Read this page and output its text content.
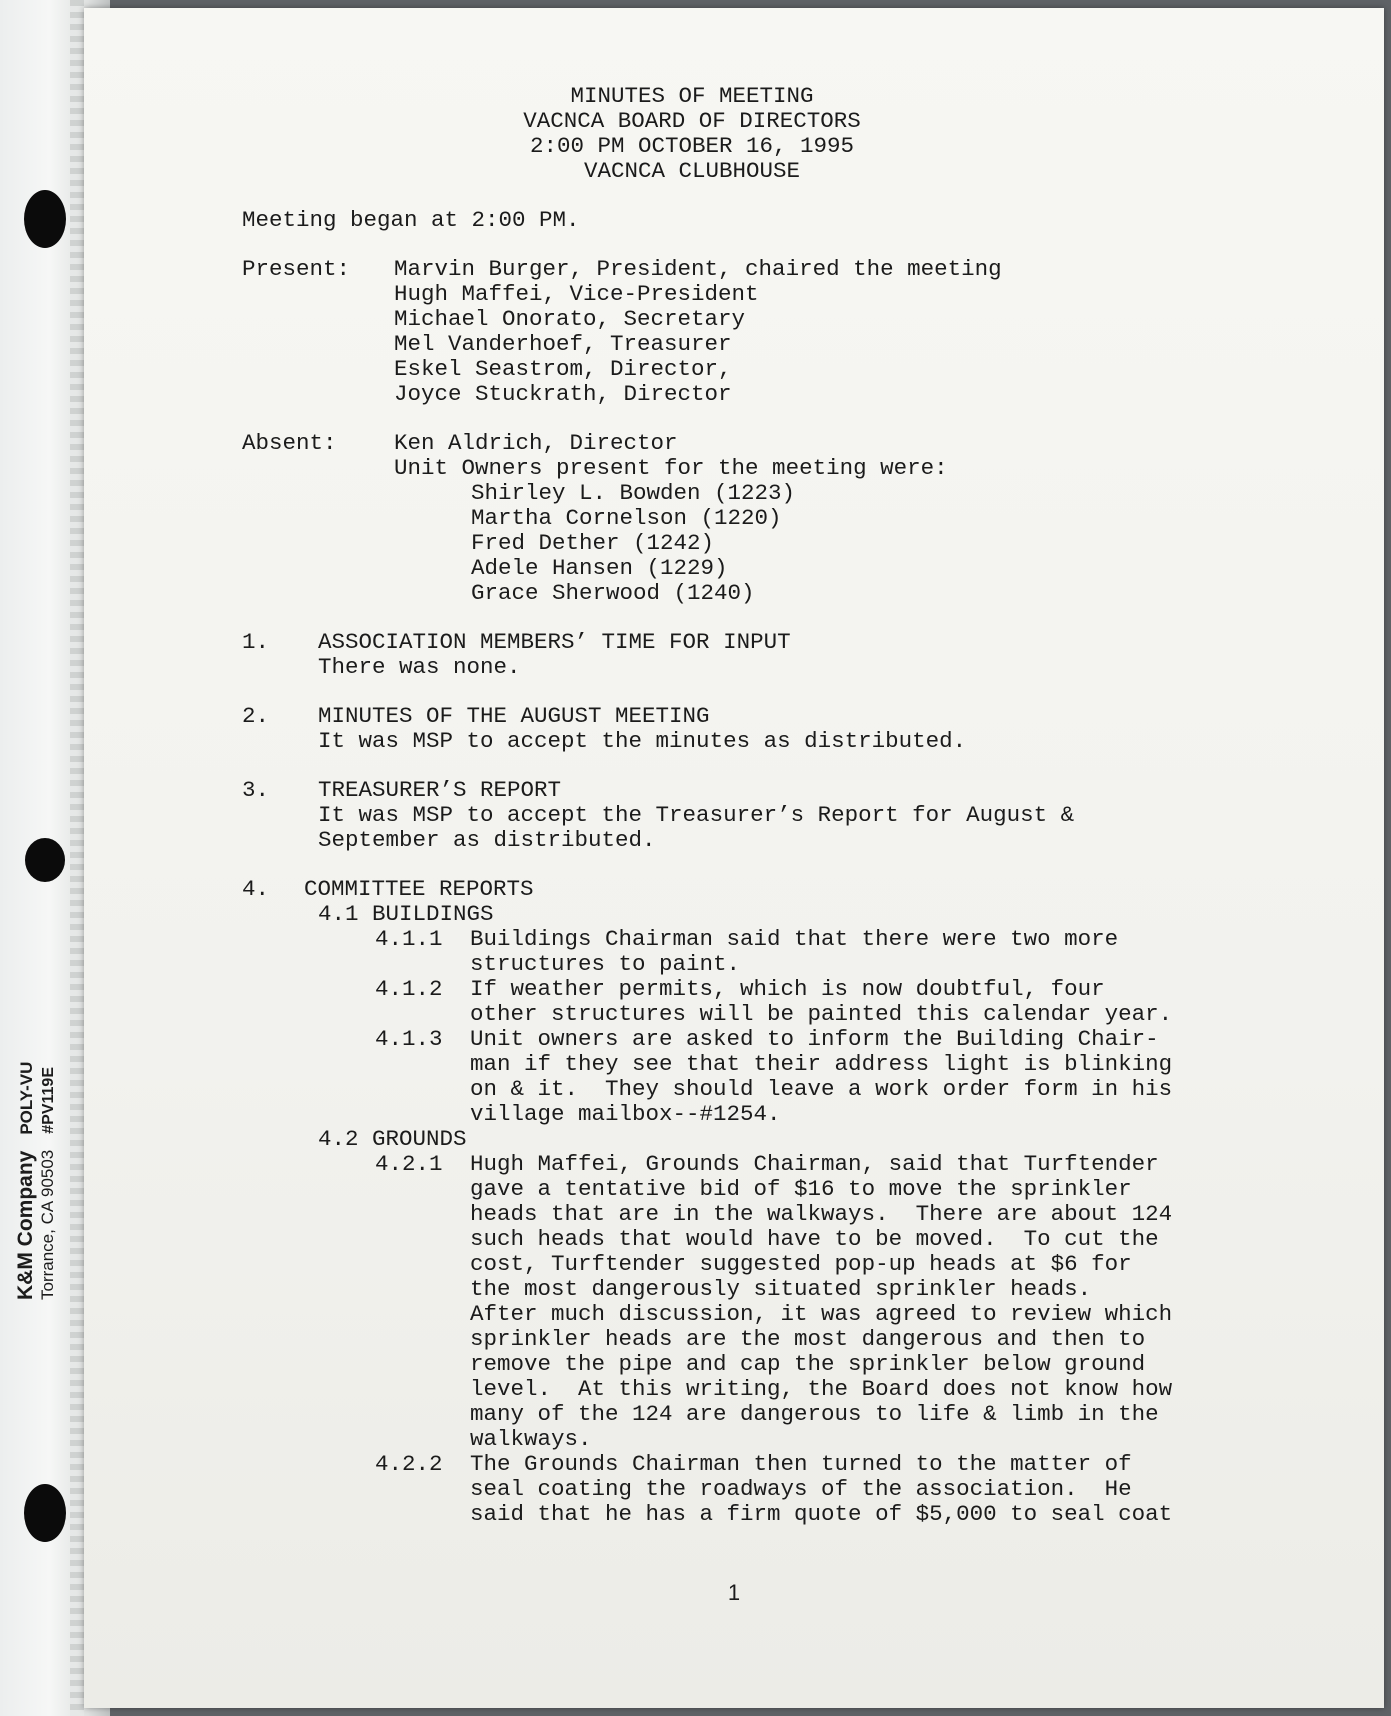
K&M Company
POLY-VU
Torrance, CA 90503
#PV119E
MINUTES OF MEETING
VACNCA BOARD OF DIRECTORS
2:00 PM OCTOBER 16, 1995
VACNCA CLUBHOUSE

Meeting began at 2:00 PM.

Present:	Marvin Burger, President, chaired the meeting
Hugh Maffei, Vice-President
Michael Onorato, Secretary
Mel Vanderhoef, Treasurer
Eskel Seastrom, Director,
Joyce Stuckrath, Director
Absent:	Ken Aldrich, Director
Unit Owners present for the meeting were:
Shirley L. Bowden (1223)
Martha Cornelson (1220)
Fred Dether (1242)
Adele Hansen (1229)
Grace Sherwood (1240)
1.	ASSOCIATION MEMBERS’ TIME FOR INPUT
There was none.
2.	MINUTES OF THE AUGUST MEETING
It was MSP to accept the minutes as distributed.
3.	TREASURER’S REPORT
It was MSP to accept the Treasurer’s Report for August &
September as distributed.
4.	COMMITTEE REPORTS
4.1 BUILDINGS
4.1.1	Buildings Chairman said that there were two more
structures to paint.
4.1.2	If weather permits, which is now doubtful, four
other structures will be painted this calendar year.
4.1.3	Unit owners are asked to inform the Building Chair-
man if they see that their address light is blinking
on & it.  They should leave a work order form in his
village mailbox--#1254.
4.2 GROUNDS
4.2.1	Hugh Maffei, Grounds Chairman, said that Turftender
gave a tentative bid of $16 to move the sprinkler
heads that are in the walkways.  There are about 124
such heads that would have to be moved.  To cut the
cost, Turftender suggested pop-up heads at $6 for
the most dangerously situated sprinkler heads.
After much discussion, it was agreed to review which
sprinkler heads are the most dangerous and then to
remove the pipe and cap the sprinkler below ground
level.  At this writing, the Board does not know how
many of the 124 are dangerous to life & limb in the
walkways.
4.2.2	The Grounds Chairman then turned to the matter of
seal coating the roadways of the association.  He
said that he has a firm quote of $5,000 to seal coat
1
